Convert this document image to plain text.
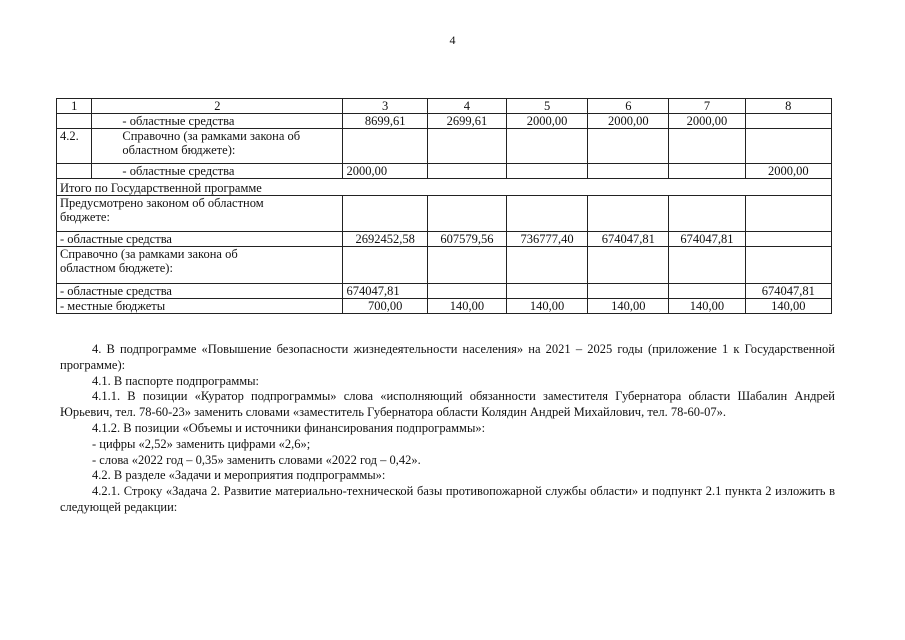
4
1	2	3	4	5	6	7	8
	- областные средства	8699,61	2699,61	2000,00	2000,00	2000,00	
4.2.	Справочно (за рамками закона об областном бюджете):						
	- областные средства	2000,00					2000,00
Итого по Государственной программе							
Предусмотрено законом об областном бюджете:							
- областные средства		2692452,58	607579,56	736777,40	674047,81	674047,81	
Справочно (за рамками закона об областном бюджете):							
- областные средства		674047,81					674047,81
- местные бюджеты		700,00	140,00	140,00	140,00	140,00	140,00

4. В подпрограмме «Повышение безопасности жизнедеятельности населения» на 2021 – 2025 годы (приложение 1 к Государственной программе):

4.1. В паспорте подпрограммы:

4.1.1. В позиции «Куратор подпрограммы» слова «исполняющий обязанности заместителя Губернатора области Шабалин Андрей Юрьевич, тел. 78-60-23» заменить словами «заместитель Губернатора области Колядин Андрей Михайлович, тел. 78-60-07».

4.1.2. В позиции «Объемы и источники финансирования подпрограммы»:

- цифры «2,52» заменить цифрами «2,6»;

- слова «2022 год – 0,35» заменить словами «2022 год – 0,42».

4.2. В разделе «Задачи и мероприятия подпрограммы»:

4.2.1. Строку «Задача 2. Развитие материально-технической базы противопожарной службы области» и подпункт 2.1 пункта 2 изложить в следующей редакции:
